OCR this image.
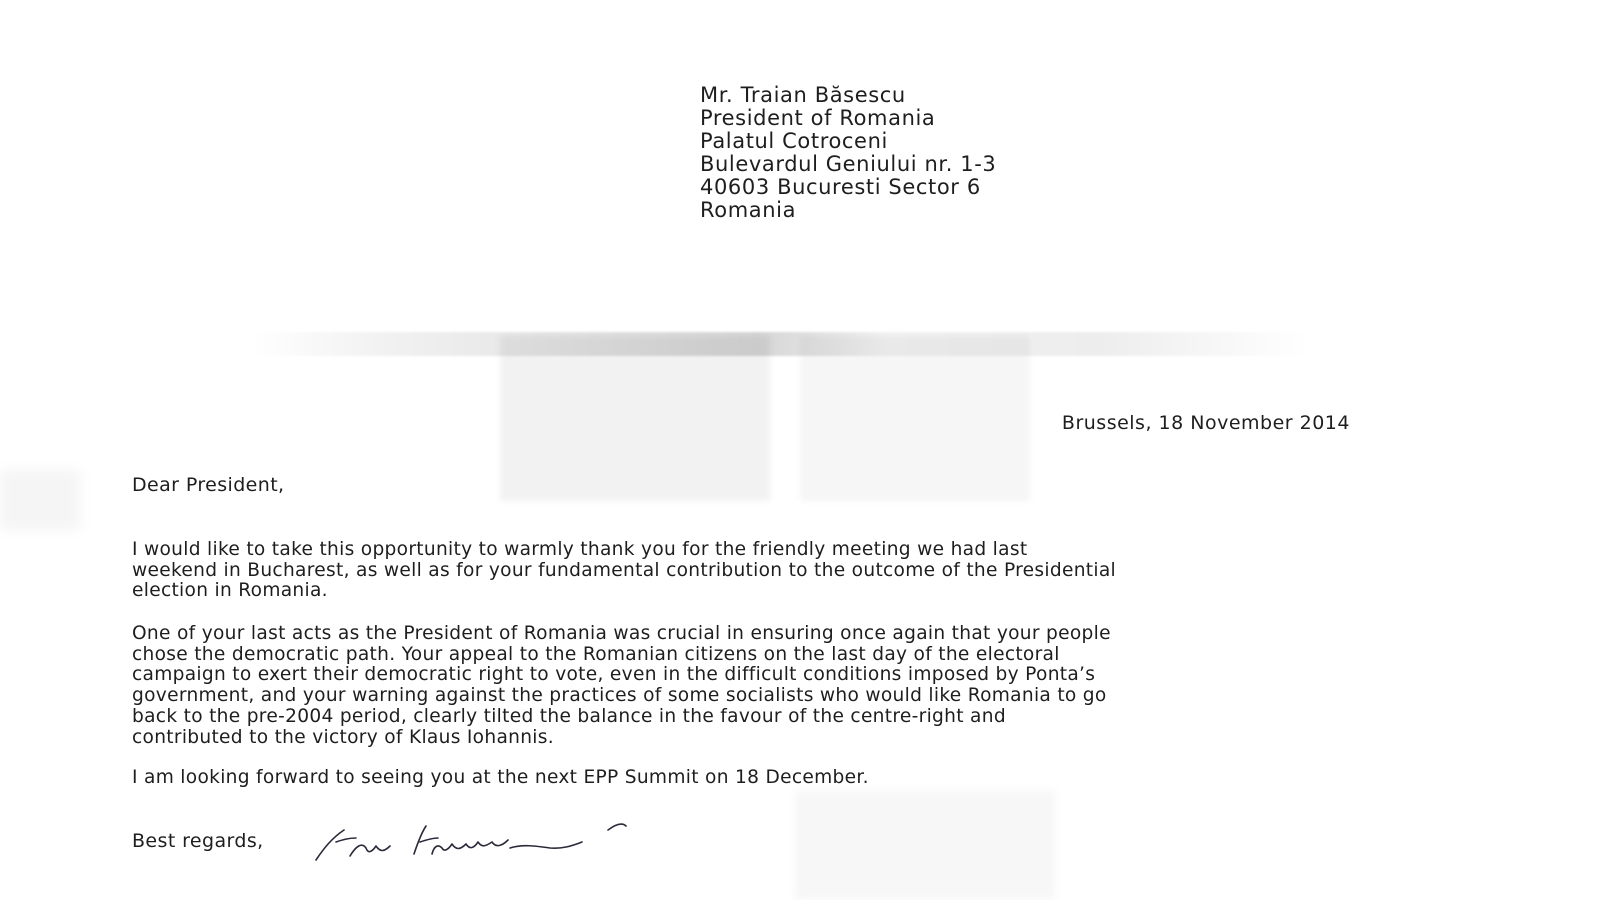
Mr. Traian Băsescu
President of Romania
Palatul Cotroceni
Bulevardul Geniului nr. 1-3
40603 Bucuresti Sector 6
Romania
Brussels, 18 November 2014
Dear President,
I would like to take this opportunity to warmly thank you for the friendly meeting we had last
weekend in Bucharest, as well as for your fundamental contribution to the outcome of the Presidential
election in Romania.
One of your last acts as the President of Romania was crucial in ensuring once again that your people
chose the democratic path. Your appeal to the Romanian citizens on the last day of the electoral
campaign to exert their democratic right to vote, even in the difficult conditions imposed by Ponta’s
government, and your warning against the practices of some socialists who would like Romania to go
back to the pre-2004 period, clearly tilted the balance in the favour of the centre-right and
contributed to the victory of Klaus Iohannis.
I am looking forward to seeing you at the next EPP Summit on 18 December.
Best regards,
